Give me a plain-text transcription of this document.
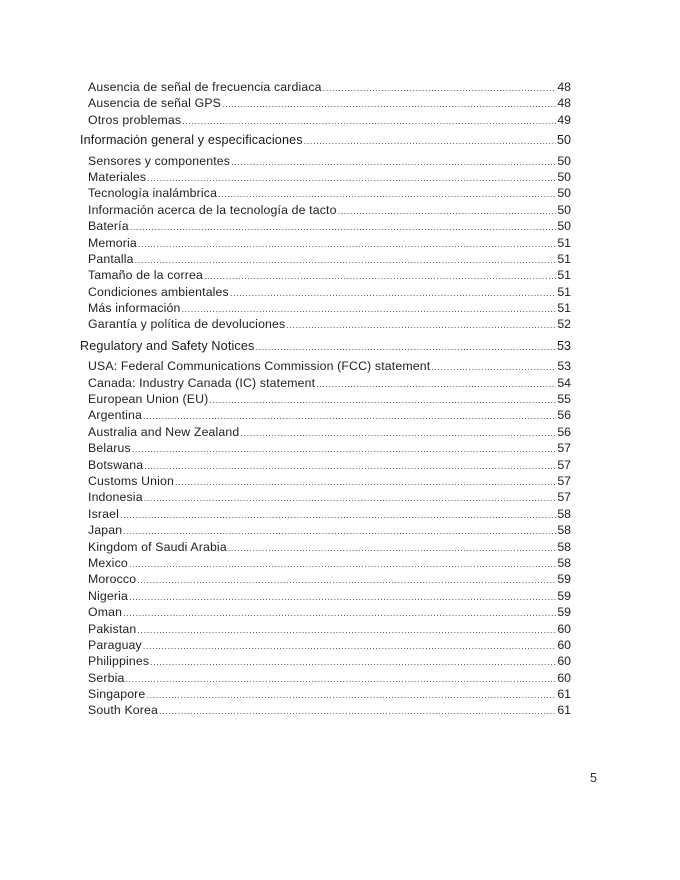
Ausencia de señal de frecuencia cardiaca .....	48
Ausencia de señal GPS .....	48
Otros problemas .....	49
Información general y especificaciones .....	50
Sensores y componentes .....	50
Materiales .....	50
Tecnología inalámbrica .....	50
Información acerca de la tecnología de tacto .....	50
Batería .....	50
Memoria .....	51
Pantalla .....	51
Tamaño de la correa .....	51
Condiciones ambientales .....	51
Más información .....	51
Garantía y política de devoluciones .....	52
Regulatory and Safety Notices .....	53
USA: Federal Communications Commission (FCC) statement .....	53
Canada: Industry Canada (IC) statement .....	54
European Union (EU) .....	55
Argentina .....	56
Australia and New Zealand .....	56
Belarus .....	57
Botswana .....	57
Customs Union .....	57
Indonesia .....	57
Israel .....	58
Japan .....	58
Kingdom of Saudi Arabia .....	58
Mexico .....	58
Morocco .....	59
Nigeria .....	59
Oman .....	59
Pakistan .....	60
Paraguay .....	60
Philippines .....	60
Serbia .....	60
Singapore .....	61
South Korea .....	61
5
